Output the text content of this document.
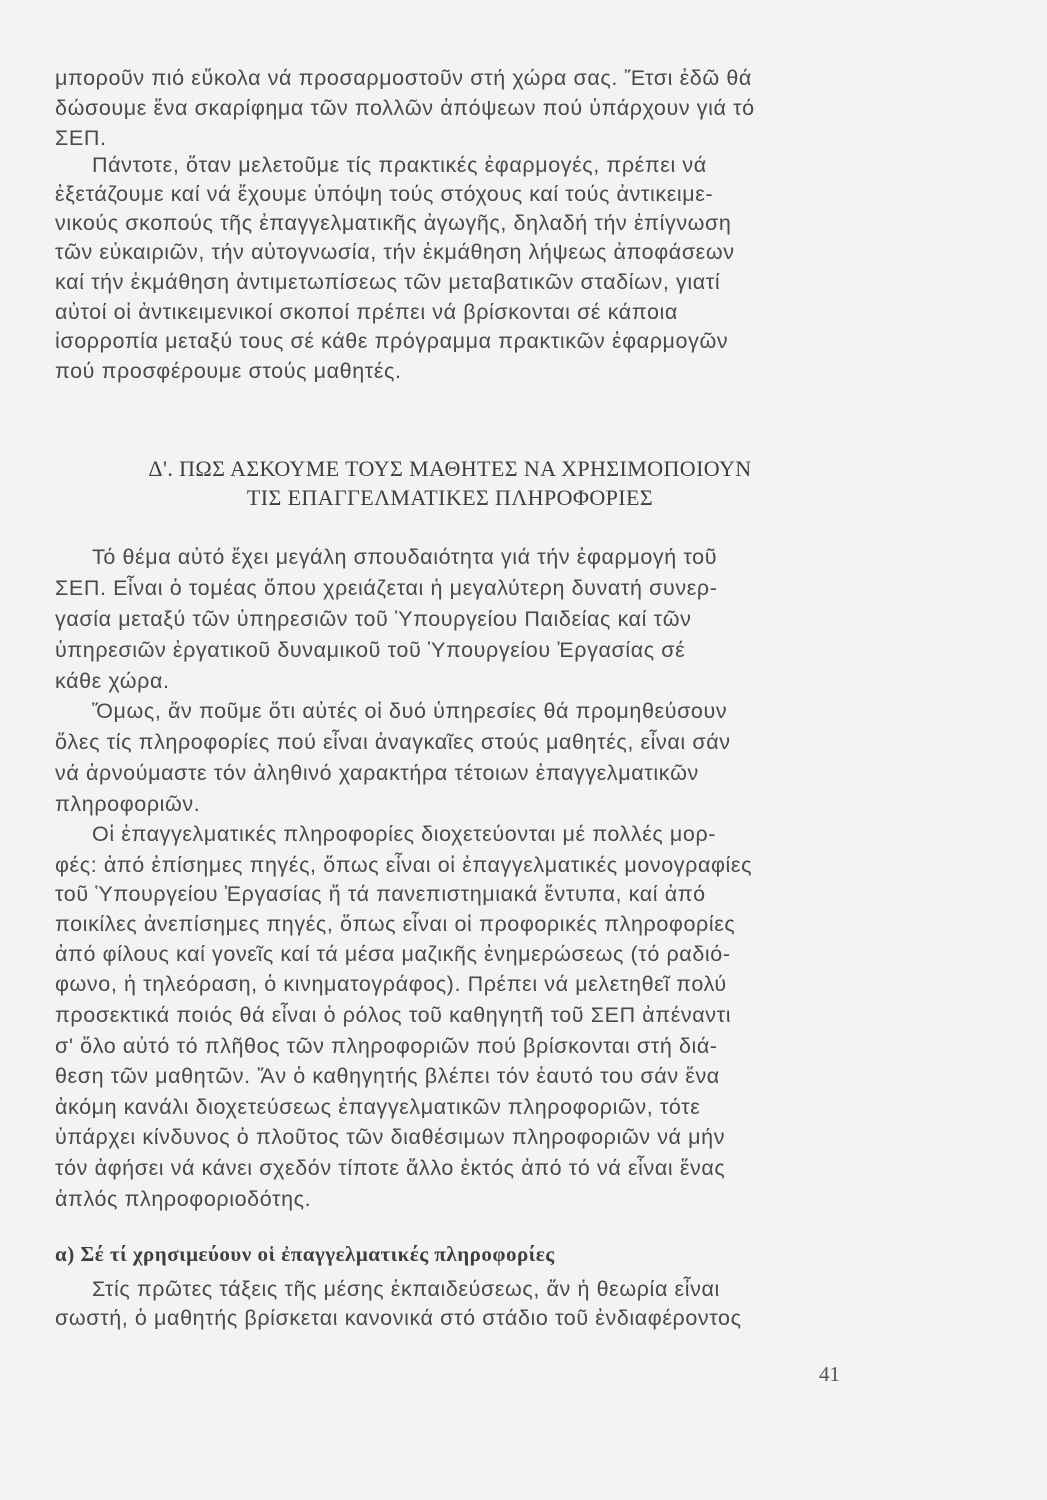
μποροῦν πιό εὔκολα νά προσαρμοστοῦν στή χώρα σας. Ἔτσι ἐδῶ θά
δώσουμε ἕνα σκαρίφημα τῶν πολλῶν ἀπόψεων πού ὑπάρχουν γιά τό
ΣΕΠ.
Πάντοτε, ὅταν μελετοῦμε τίς πρακτικές ἐφαρμογές, πρέπει νά
ἐξετάζουμε καί νά ἔχουμε ὑπόψη τούς στόχους καί τούς ἀντικειμε-
νικούς σκοπούς τῆς ἐπαγγελματικῆς ἀγωγῆς, δηλαδή τήν ἐπίγνωση
τῶν εὐκαιριῶν, τήν αὐτογνωσία, τήν ἐκμάθηση λήψεως ἀποφάσεων
καί τήν ἐκμάθηση ἀντιμετωπίσεως τῶν μεταβατικῶν σταδίων, γιατί
αὐτοί οἱ ἀντικειμενικοί σκοποί πρέπει νά βρίσκονται σέ κάποια
ἰσορροπία μεταξύ τους σέ κάθε πρόγραμμα πρακτικῶν ἐφαρμογῶν
πού προσφέρουμε στούς μαθητές.
Δ'. ΠΩΣ ΑΣΚΟΥΜΕ ΤΟΥΣ ΜΑΘΗΤΕΣ ΝΑ ΧΡΗΣΙΜΟΠΟΙΟΥΝ
ΤΙΣ ΕΠΑΓΓΕΛΜΑΤΙΚΕΣ ΠΛΗΡΟΦΟΡΙΕΣ
Τό θέμα αὐτό ἔχει μεγάλη σπουδαιότητα γιά τήν ἐφαρμογή τοῦ
ΣΕΠ. Εἶναι ὁ τομέας ὅπου χρειάζεται ἡ μεγαλύτερη δυνατή συνερ-
γασία μεταξύ τῶν ὑπηρεσιῶν τοῦ Ὑπουργείου Παιδείας καί τῶν
ὑπηρεσιῶν ἐργατικοῦ δυναμικοῦ τοῦ Ὑπουργείου Ἐργασίας σέ
κάθε χώρα.
Ὅμως, ἄν ποῦμε ὅτι αὐτές οἱ δυό ὑπηρεσίες θά προμηθεύσουν
ὅλες τίς πληροφορίες πού εἶναι ἀναγκαῖες στούς μαθητές, εἶναι σάν
νά ἀρνούμαστε τόν ἀληθινό χαρακτήρα τέτοιων ἐπαγγελματικῶν
πληροφοριῶν.
Οἱ ἐπαγγελματικές πληροφορίες διοχετεύονται μέ πολλές μορ-
φές: ἀπό ἐπίσημες πηγές, ὅπως εἶναι οἱ ἐπαγγελματικές μονογραφίες
τοῦ Ὑπουργείου Ἐργασίας ἤ τά πανεπιστημιακά ἔντυπα, καί ἀπό
ποικίλες ἀνεπίσημες πηγές, ὅπως εἶναι οἱ προφορικές πληροφορίες
ἀπό φίλους καί γονεῖς καί τά μέσα μαζικῆς ἐνημερώσεως (τό ραδιό-
φωνο, ἡ τηλεόραση, ὁ κινηματογράφος). Πρέπει νά μελετηθεῖ πολύ
προσεκτικά ποιός θά εἶναι ὁ ρόλος τοῦ καθηγητῆ τοῦ ΣΕΠ ἀπέναντι
σ' ὅλο αὐτό τό πλῆθος τῶν πληροφοριῶν πού βρίσκονται στή διά-
θεση τῶν μαθητῶν. Ἄν ὁ καθηγητής βλέπει τόν ἑαυτό του σάν ἕνα
ἀκόμη κανάλι διοχετεύσεως ἐπαγγελματικῶν πληροφοριῶν, τότε
ὑπάρχει κίνδυνος ὁ πλοῦτος τῶν διαθέσιμων πληροφοριῶν νά μήν
τόν ἀφήσει νά κάνει σχεδόν τίποτε ἄλλο ἐκτός ἀπό τό νά εἶναι ἕνας
ἁπλός πληροφοριοδότης.
α) Σέ τί χρησιμεύουν οἱ ἐπαγγελματικές πληροφορίες
Στίς πρῶτες τάξεις τῆς μέσης ἐκπαιδεύσεως, ἄν ἡ θεωρία εἶναι
σωστή, ὁ μαθητής βρίσκεται κανονικά στό στάδιο τοῦ ἐνδιαφέροντος
41
